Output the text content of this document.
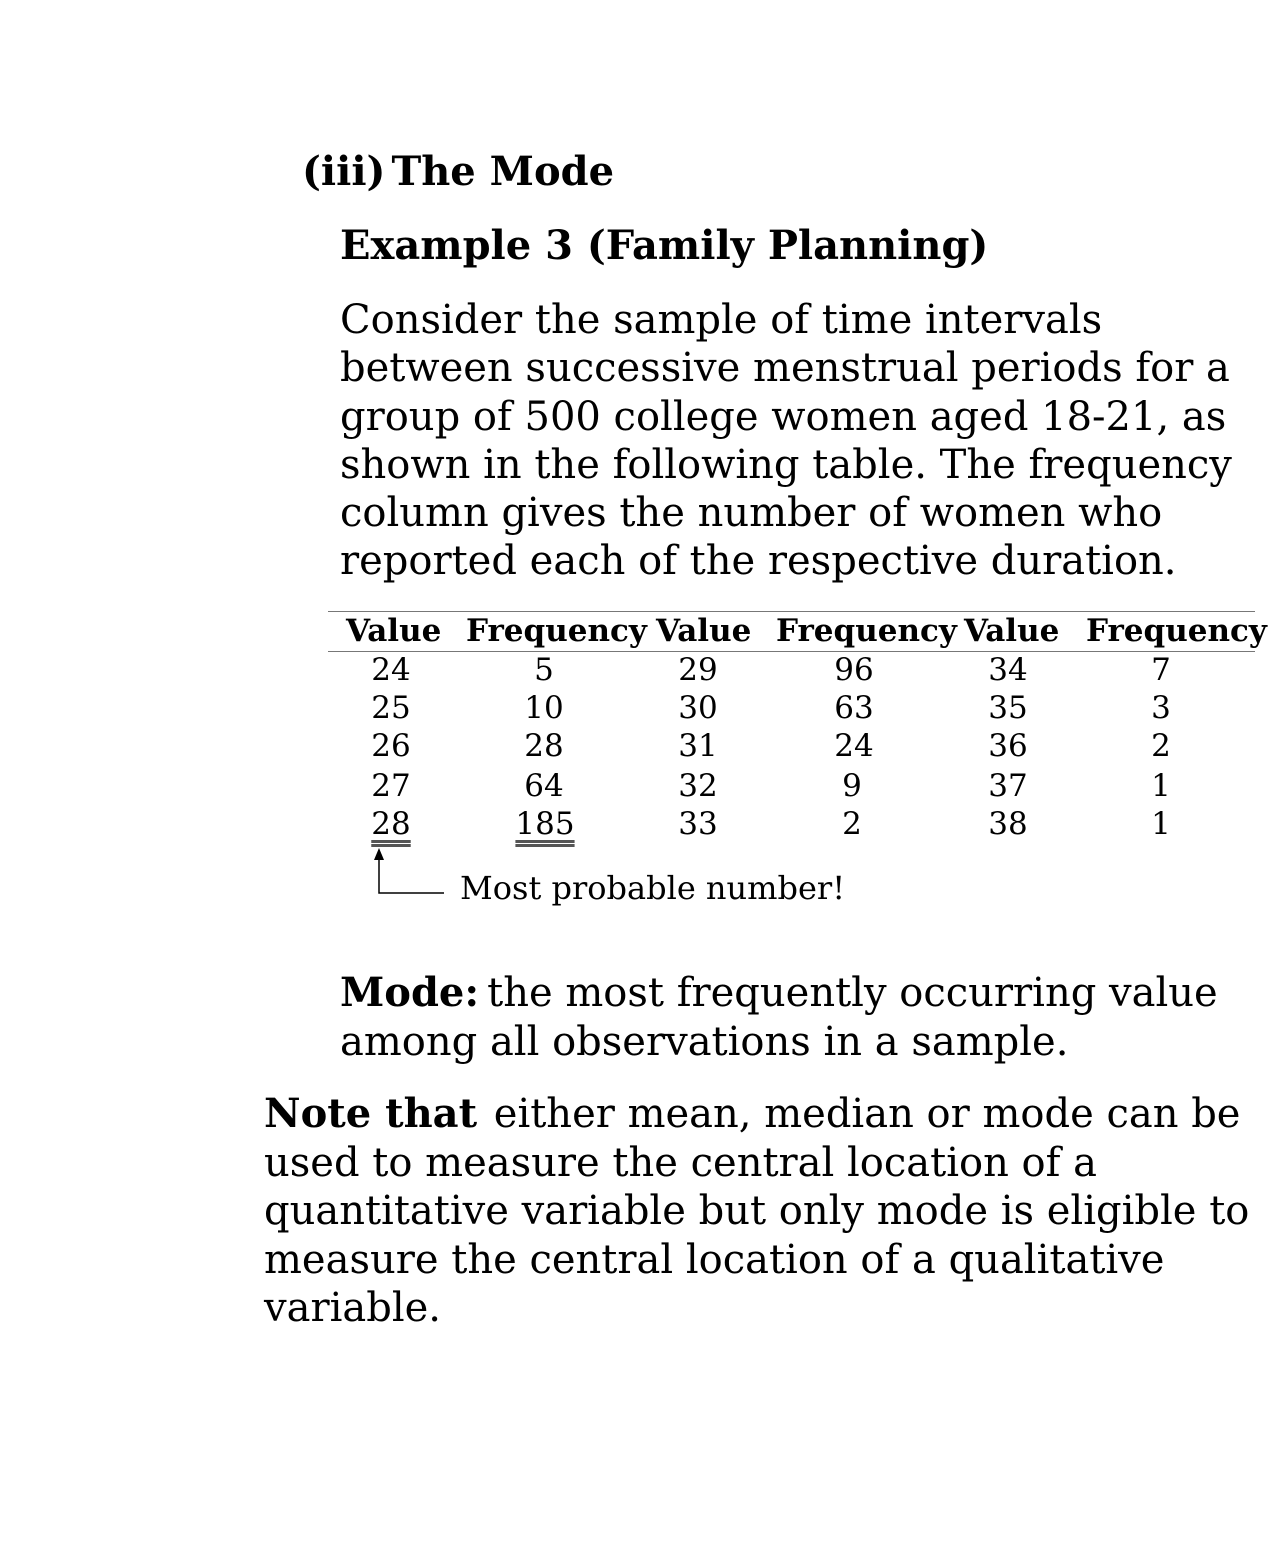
(iii) The Mode
Example 3 (Family Planning)
Consider the sample of time intervals
between successive menstrual periods for a
group of 500 college women aged 18-21, as
shown in the following table. The frequency
column gives the number of women who
reported each of the respective duration.
Value Frequency Value Frequency Value Frequency
24	5	29	96	34	7
25	10	30	63	35	3
26	28	31	24	36	2
27	64	32	9	37	1
28	185	33	2	38	1
Most probable number!
Mode: the most frequently occurring value
among all observations in a sample.
Note that either mean, median or mode can be
used to measure the central location of a
quantitative variable but only mode is eligible to
measure the central location of a qualitative
variable.
